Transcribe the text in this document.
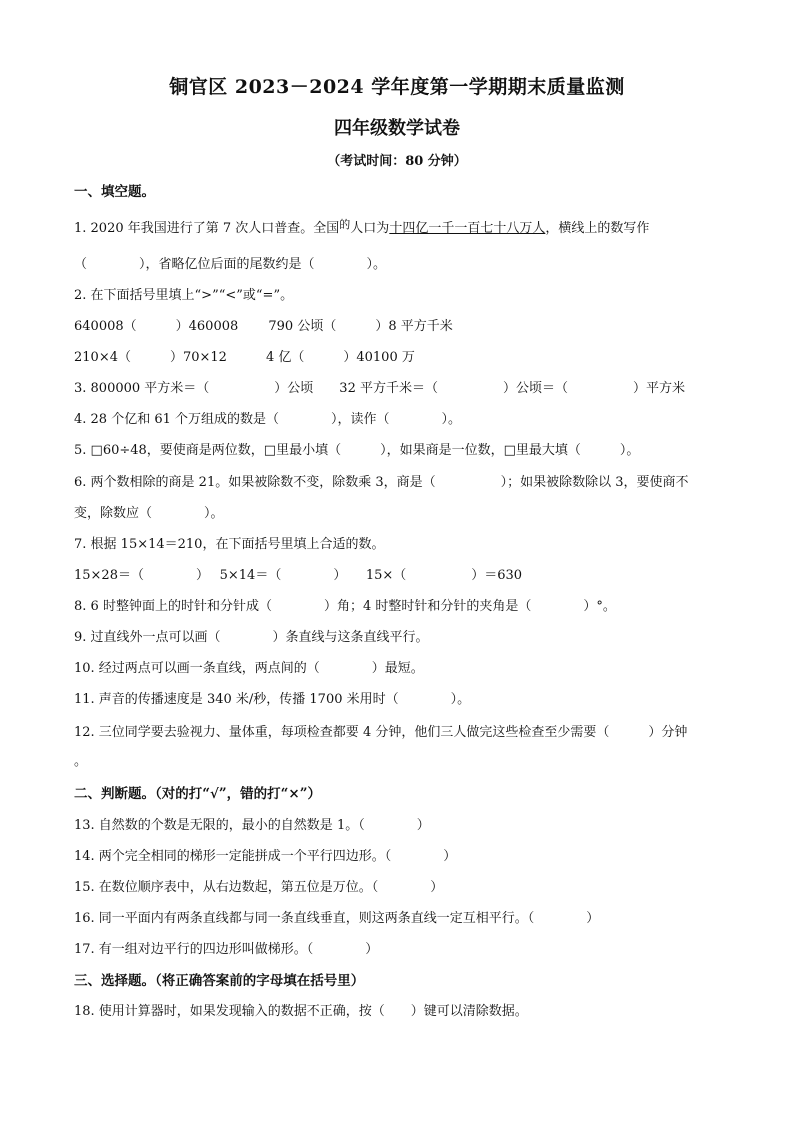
铜官区 2023－2024 学年度第一学期期末质量监测
四年级数学试卷
（考试时间：80 分钟）
一、填空题。
1. 2020 年我国进行了第 7 次人口普查。全国$^的$人口为十四亿一千一百七十八万人，横线上的数写作
（　　　　），省略亿位后面的尾数约是（　　　　）。
2. 在下面括号里填上“>”“<”或“=”。
640008（　　　）460008　　 790 公顷（　　　）8 平方千米
210×4（　　　）70×12　　　4 亿（　　　）40100 万
3. 800000 平方米＝（　　　　　）公顷　　32 平方千米＝（　　　　　）公顷＝（　　　　　）平方米
4. 28 个亿和 61 个万组成的数是（　　　　），读作（　　　　）。
5. □60÷48，要使商是两位数，□里最小填（　　　），如果商是一位数，□里最大填（　　　）。
6. 两个数相除的商是 21。如果被除数不变，除数乘 3，商是（　　　　　）；如果被除数除以 3，要使商不
变，除数应（　　　　）。
7. 根据 15×14＝210，在下面括号里填上合适的数。
15×28＝（　　　　）　 5×14＝（　　　　）　　15×（　　　　　）＝630
8. 6 时整钟面上的时针和分针成（　　　　）角；4 时整时针和分针的夹角是（　　　　）°。
9. 过直线外一点可以画（　　　　）条直线与这条直线平行。
10. 经过两点可以画一条直线，两点间的（　　　　）最短。
11. 声音的传播速度是 340 米/秒，传播 1700 米用时（　　　　）。
12. 三位同学要去验视力、量体重，每项检查都要 4 分钟，他们三人做完这些检查至少需要（　　　）分钟
。
二、判断题。（对的打“√”，错的打“×”）
13. 自然数的个数是无限的，最小的自然数是 1。（　　　　）
14. 两个完全相同的梯形一定能拼成一个平行四边形。（　　　　）
15. 在数位顺序表中，从右边数起，第五位是万位。（　　　　）
16. 同一平面内有两条直线都与同一条直线垂直，则这两条直线一定互相平行。（　　　　）
17. 有一组对边平行的四边形叫做梯形。（　　　　）
三、选择题。（将正确答案前的字母填在括号里）
18. 使用计算器时，如果发现输入的数据不正确，按（　　）键可以清除数据。
